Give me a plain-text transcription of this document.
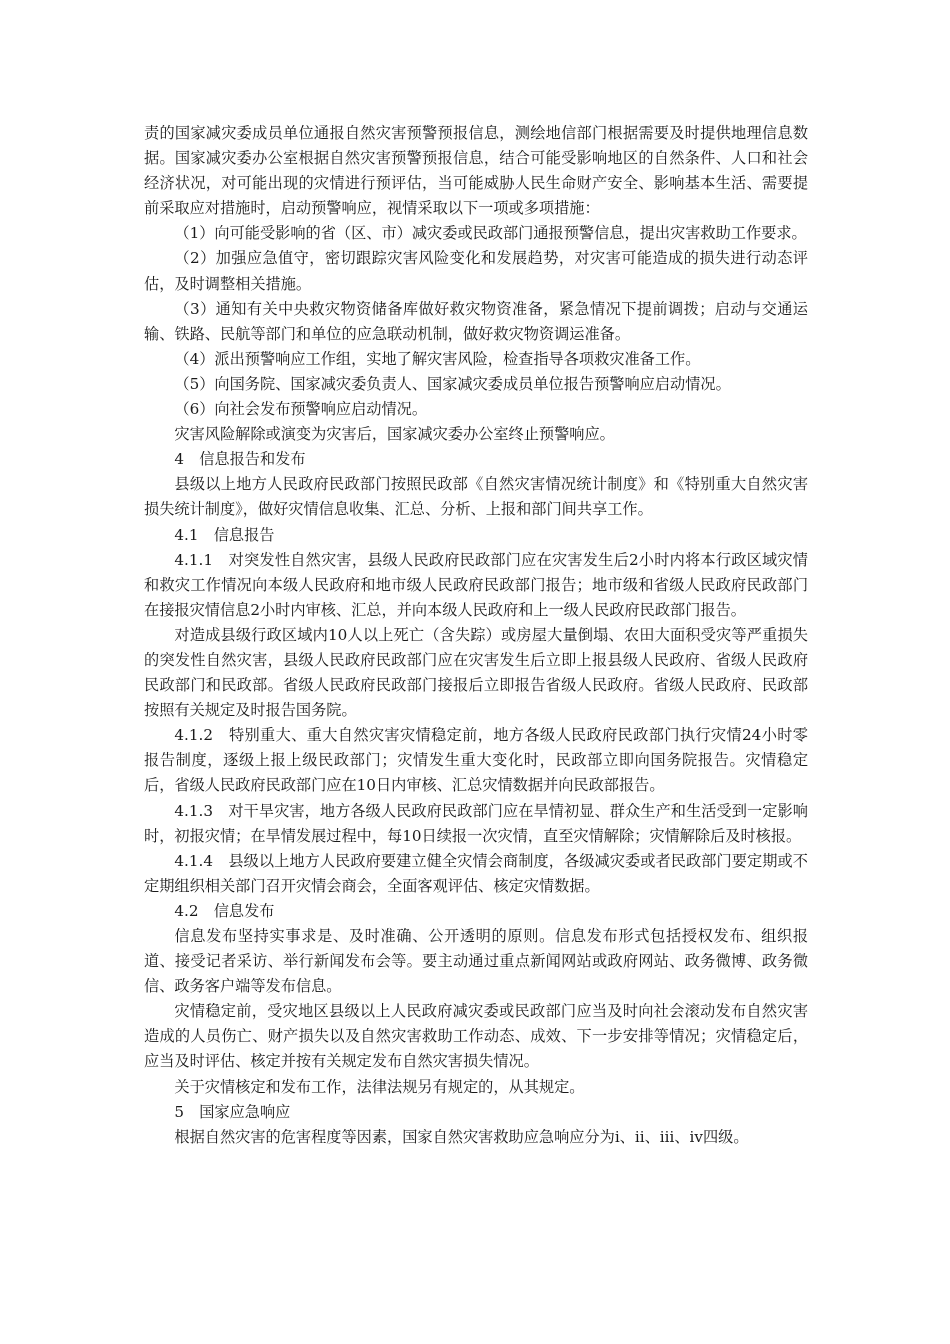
责的国家减灾委成员单位通报自然灾害预警预报信息，测绘地信部门根据需要及时提供地理信息数据。国家减灾委办公室根据自然灾害预警预报信息，结合可能受影响地区的自然条件、人口和社会经济状况，对可能出现的灾情进行预评估，当可能威胁人民生命财产安全、影响基本生活、需要提前采取应对措施时，启动预警响应，视情采取以下一项或多项措施：

（1）向可能受影响的省（区、市）减灾委或民政部门通报预警信息，提出灾害救助工作要求。

（2）加强应急值守，密切跟踪灾害风险变化和发展趋势，对灾害可能造成的损失进行动态评估，及时调整相关措施。

（3）通知有关中央救灾物资储备库做好救灾物资准备，紧急情况下提前调拨；启动与交通运输、铁路、民航等部门和单位的应急联动机制，做好救灾物资调运准备。

（4）派出预警响应工作组，实地了解灾害风险，检查指导各项救灾准备工作。

（5）向国务院、国家减灾委负责人、国家减灾委成员单位报告预警响应启动情况。

（6）向社会发布预警响应启动情况。

灾害风险解除或演变为灾害后，国家减灾委办公室终止预警响应。

4　信息报告和发布

县级以上地方人民政府民政部门按照民政部《自然灾害情况统计制度》和《特别重大自然灾害损失统计制度》，做好灾情信息收集、汇总、分析、上报和部门间共享工作。

4.1　信息报告

4.1.1　对突发性自然灾害，县级人民政府民政部门应在灾害发生后2小时内将本行政区域灾情和救灾工作情况向本级人民政府和地市级人民政府民政部门报告；地市级和省级人民政府民政部门在接报灾情信息2小时内审核、汇总，并向本级人民政府和上一级人民政府民政部门报告。

对造成县级行政区域内10人以上死亡（含失踪）或房屋大量倒塌、农田大面积受灾等严重损失的突发性自然灾害，县级人民政府民政部门应在灾害发生后立即上报县级人民政府、省级人民政府民政部门和民政部。省级人民政府民政部门接报后立即报告省级人民政府。省级人民政府、民政部按照有关规定及时报告国务院。

4.1.2　特别重大、重大自然灾害灾情稳定前，地方各级人民政府民政部门执行灾情24小时零报告制度，逐级上报上级民政部门；灾情发生重大变化时，民政部立即向国务院报告。灾情稳定后，省级人民政府民政部门应在10日内审核、汇总灾情数据并向民政部报告。

4.1.3　对干旱灾害，地方各级人民政府民政部门应在旱情初显、群众生产和生活受到一定影响时，初报灾情；在旱情发展过程中，每10日续报一次灾情，直至灾情解除；灾情解除后及时核报。

4.1.4　县级以上地方人民政府要建立健全灾情会商制度，各级减灾委或者民政部门要定期或不定期组织相关部门召开灾情会商会，全面客观评估、核定灾情数据。

4.2　信息发布

信息发布坚持实事求是、及时准确、公开透明的原则。信息发布形式包括授权发布、组织报道、接受记者采访、举行新闻发布会等。要主动通过重点新闻网站或政府网站、政务微博、政务微信、政务客户端等发布信息。

灾情稳定前，受灾地区县级以上人民政府减灾委或民政部门应当及时向社会滚动发布自然灾害造成的人员伤亡、财产损失以及自然灾害救助工作动态、成效、下一步安排等情况；灾情稳定后，应当及时评估、核定并按有关规定发布自然灾害损失情况。

关于灾情核定和发布工作，法律法规另有规定的，从其规定。

5　国家应急响应

根据自然灾害的危害程度等因素，国家自然灾害救助应急响应分为ⅰ、ⅱ、ⅲ、ⅳ四级。
